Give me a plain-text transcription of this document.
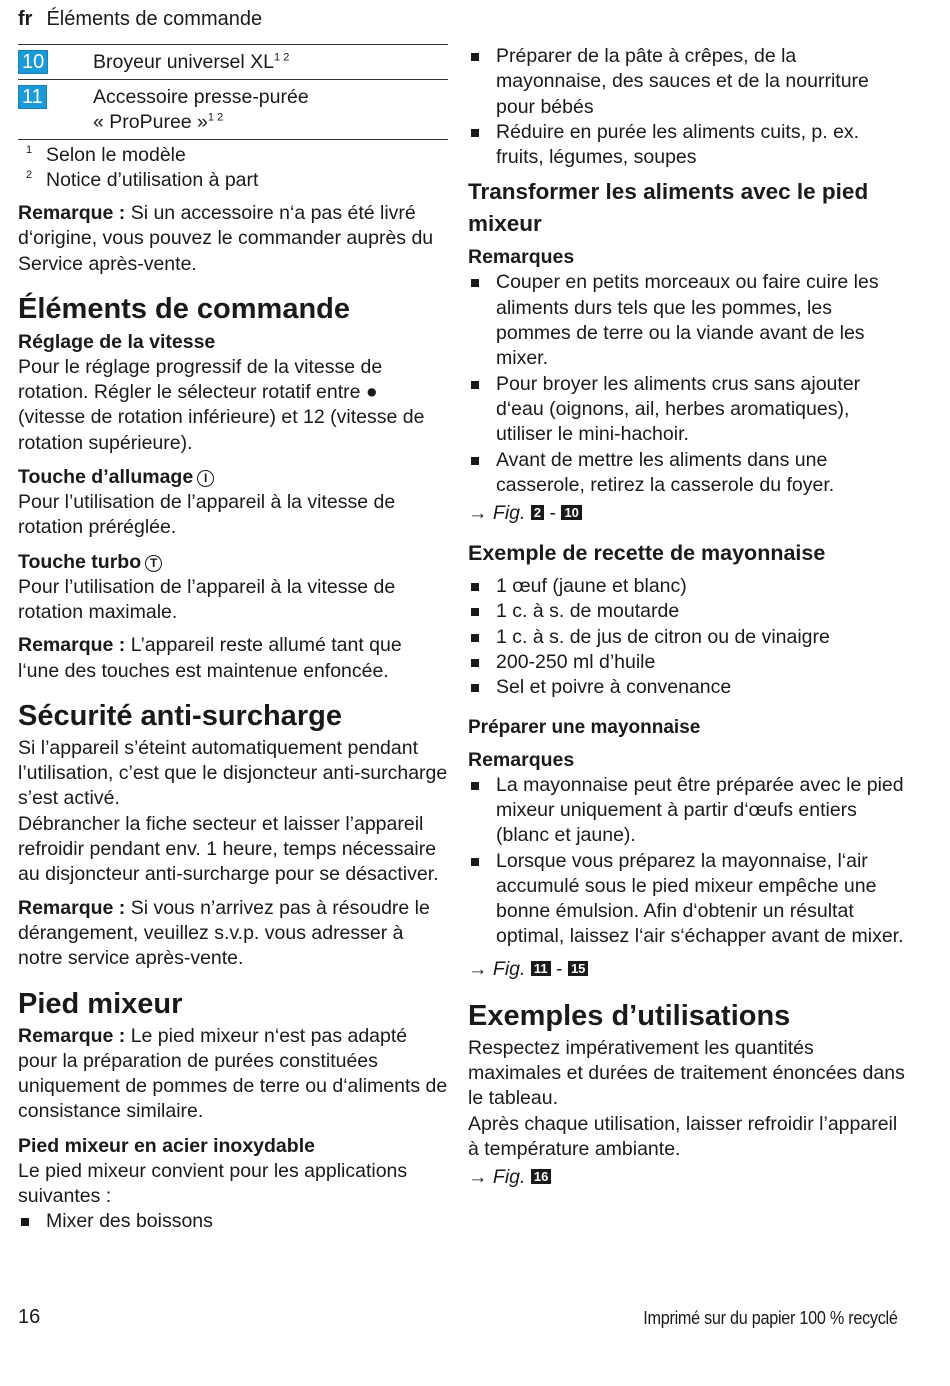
fr Éléments de commande
10	Broyeur universel $XL^{1 2}$
11	Accessoire presse-purée
« ProPuree »$^{1 2}$
1 Selon le modèle
2 Notice d’utilisation à part

Remarque : Si un accessoire n‘a pas été livré d‘origine, vous pouvez le commander auprès du Service après-vente.

Éléments de commande
Réglage de la vitesse

Pour le réglage progressif de la vitesse de rotation. Régler le sélecteur rotatif entre ● (vitesse de rotation inférieure) et 12 (vitesse de rotation supérieure).

Touche d’allumage I

Pour l’utilisation de l’appareil à la vitesse de rotation préréglée.

Touche turbo T

Pour l’utilisation de l’appareil à la vitesse de rotation maximale.

Remarque : L’appareil reste allumé tant que l‘une des touches est maintenue enfoncée.

Sécurité anti-surcharge

Si l’appareil s’éteint automatiquement pendant l’utilisation, c’est que le disjoncteur anti-surcharge s’est activé.

Débrancher la fiche secteur et laisser l’appareil refroidir pendant env. 1 heure, temps nécessaire au disjoncteur anti-surcharge pour se désactiver.

Remarque : Si vous n’arrivez pas à résoudre le dérangement, veuillez s.v.p. vous adresser à notre service après-vente.

Pied mixeur

Remarque : Le pied mixeur n‘est pas adapté pour la préparation de purées constituées uniquement de pommes de terre ou d‘aliments de consistance similaire.

Pied mixeur en acier inoxydable

Le pied mixeur convient pour les applications suivantes :

Mixer des boissons
Préparer de la pâte à crêpes, de la mayonnaise, des sauces et de la nourriture pour bébés
Réduire en purée les aliments cuits, p. ex. fruits, légumes, soupes
Transformer les aliments avec le pied mixeur
Remarques
Couper en petits morceaux ou faire cuire les aliments durs tels que les pommes, les pommes de terre ou la viande avant de les mixer.
Pour broyer les aliments crus sans ajouter d‘eau (oignons, ail, herbes aromatiques), utiliser le mini-hachoir.
Avant de mettre les aliments dans une casserole, retirez la casserole du foyer.
→ Fig. 2 - 10
Exemple de recette de mayonnaise
1 œuf (jaune et blanc)
1 c. à s. de moutarde
1 c. à s. de jus de citron ou de vinaigre
200-250 ml d’huile
Sel et poivre à convenance
Préparer une mayonnaise
Remarques
La mayonnaise peut être préparée avec le pied mixeur uniquement à partir d‘œufs entiers (blanc et jaune).
Lorsque vous préparez la mayonnaise, l‘air accumulé sous le pied mixeur empêche une bonne émulsion. Afin d‘obtenir un résultat optimal, laissez l‘air s‘échapper avant de mixer.
→ Fig. 11 - 15
Exemples d’utilisations

Respectez impérativement les quantités maximales et durées de traitement énoncées dans le tableau.

Après chaque utilisation, laisser refroidir l’appareil à température ambiante.

→ Fig. 16
16	Imprimé sur du papier 100 % recyclé
